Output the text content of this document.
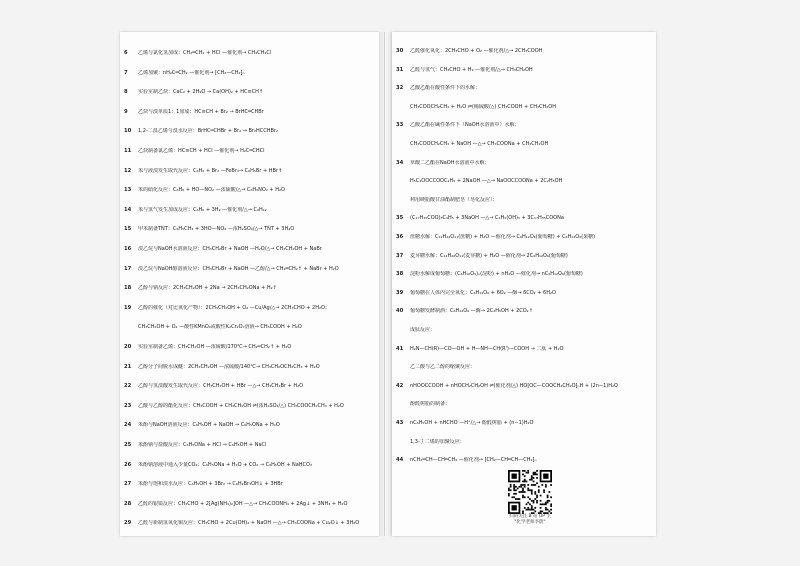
6 乙烯与氯化氢加成：CH₂═CH₂ + HCl —催化剂→ CH₃CH₂Cl
7 乙烯加聚：nH₂C═CH₂ —催化剂→ ⁅CH₂—CH₂⁆ₙ
8 实验室制乙炔：CaC₂ + 2H₂O → Ca(OH)₂ + HC≡CH↑
9 乙炔与溴单质1：1加成：HC≡CH + Br₂ → BrHC═CHBr
10 1,2-二溴乙烯与溴水反应：BrHC═CHBr + Br₂ → Br₂HCCHBr₂
11 乙炔制备氯乙烯：HC≡CH + HCl —催化剂→ H₂C═CHCl
12 苯与液溴发生取代反应：C₆H₆ + Br₂ —FeBr₃→ C₆H₅Br + HBr↑
13 苯的硝化反应：C₆H₆ + HO—NO₂ —浓硫酸/△→ C₆H₅NO₂ + H₂O
14 苯与氢气发生加成反应：C₆H₆ + 3H₂ —催化剂/△→ C₆H₁₂
15 甲苯制备TNT：C₆H₅CH₃ + 3HO—NO₂ —浓H₂SO₄/△→ TNT + 3H₂O
16 溴乙烷与NaOH水溶液反应：CH₃CH₂Br + NaOH —H₂O/△→ CH₃CH₂OH + NaBr
17 溴乙烷与NaOH醇溶液反应：CH₃CH₂Br + NaOH —乙醇/△→ CH₂═CH₂↑ + NaBr + H₂O
18 乙醇与钠反应：2CH₃CH₂OH + 2Na → 2CH₃CH₂ONa + H₂↑
19 乙醇的催化（对比氧化产物）：2CH₃CH₂OH + O₂ —Cu/Ag/△→ 2CH₃CHO + 2H₂O；
CH₃CH₂OH + O₂ —酸性KMnO₄或酸性K₂Cr₂O₇溶液→ CH₃COOH + H₂O
20 实验室制备乙烯：CH₃CH₂OH —浓硫酸/170℃→ CH₂═CH₂↑ + H₂O
21 乙醇分子间脱水成醚：2CH₃CH₂OH —浓硫酸/140℃→ CH₃CH₂OCH₂CH₃ + H₂O
22 乙醇与氢溴酸发生取代反应：CH₃CH₂OH + HBr —△→ CH₃CH₂Br + H₂O
23 乙酸与乙醇的酯化反应：CH₃COOH + CH₃CH₂OH ⇌(浓H₂SO₄/△) CH₃COOCH₂CH₃ + H₂O
24 苯酚与NaOH溶液反应：C₆H₅OH + NaOH → C₆H₅ONa + H₂O
25 苯酚钠与盐酸反应：C₆H₅ONa + HCl → C₆H₅OH + NaCl
26 苯酚钠溶液中通入少量CO₂：C₆H₅ONa + H₂O + CO₂ → C₆H₅OH + NaHCO₃
27 苯酚与饱和溴水反应：C₆H₅OH + 3Br₂ → C₆H₂Br₃OH↓ + 3HBr
28 乙醛的银镜反应：CH₃CHO + 2[Ag(NH₃)₂]OH —△→ CH₃COONH₄ + 2Ag↓ + 3NH₃ + H₂O
29 乙醛与新制氢氧化铜反应：CH₃CHO + 2Cu(OH)₂ + NaOH —△→ CH₃COONa + Cu₂O↓ + 3H₂O
30 乙醛催化氧化：2CH₃CHO + O₂ —催化剂/△→ 2CH₃COOH
31 乙醛与氢气：CH₃CHO + H₂ —催化剂/△→ CH₃CH₂OH
32 乙酸乙酯在酸性条件下的水解：
CH₃COOCH₂CH₃ + H₂O ⇌(稀硫酸/△) CH₃COOH + CH₃CH₂OH
33 乙酸乙酯在碱性条件下（NaOH水溶液中）水解：
CH₃COOCH₂CH₃ + NaOH —△→ CH₃COONa + CH₃CH₂OH
34 草酸二乙酯在NaOH水溶液中水解：
H₅C₂OOCCOOC₂H₅ + 2NaOH —△→ NaOOCCOONa + 2C₂H₅OH
利用硬脂酸甘油酯制肥皂（皂化反应）：
35 (C₁₇H₃₅COO)₃C₃H₅ + 3NaOH —△→ C₃H₅(OH)₃ + 3C₁₇H₃₅COONa
36 蔗糖水解：C₁₂H₂₂O₁₁(蔗糖) + H₂O —催化剂→ C₆H₁₂O₆(葡萄糖) + C₆H₁₂O₆(果糖)
37 麦芽糖水解：C₁₂H₂₂O₁₁(麦芽糖) + H₂O —催化剂→ 2C₆H₁₂O₆(葡萄糖)
38 淀粉水解成葡萄糖：(C₆H₁₀O₅)ₙ(淀粉) + nH₂O —催化剂→ nC₆H₁₂O₆(葡萄糖)
39 葡萄糖在人体内完全氧化：C₆H₁₂O₆ + 6O₂ —酶→ 6CO₂ + 6H₂O
40 葡萄糖发酵制酒：C₆H₁₂O₆ —酶→ 2C₂H₅OH + 2CO₂↑
成肽反应：
41 H₂N—CH(R)—CO—OH + H—NH—CH(R')—COOH → 二肽 + H₂O
乙二酸与乙二醇的缩聚反应：
42 nHOOCCOOH + nHOCH₂CH₂OH ⇌(催化剂/△) HO⁅OC—COOCH₂CH₂O⁆ₙH + (2n−1)H₂O
酚醛树脂的制备：
43 nC₆H₅OH + nHCHO —H⁺/△→ 酚醛树脂 + (n−1)H₂O
1,3-丁二烯的加聚反应：
44 nCH₂═CH—CH═CH₂ —催化剂→ ⁅CH₂—CH═CH—CH₂⁆ₙ
扫码关注 B 站 UP 主
"化学老师李蔚"
